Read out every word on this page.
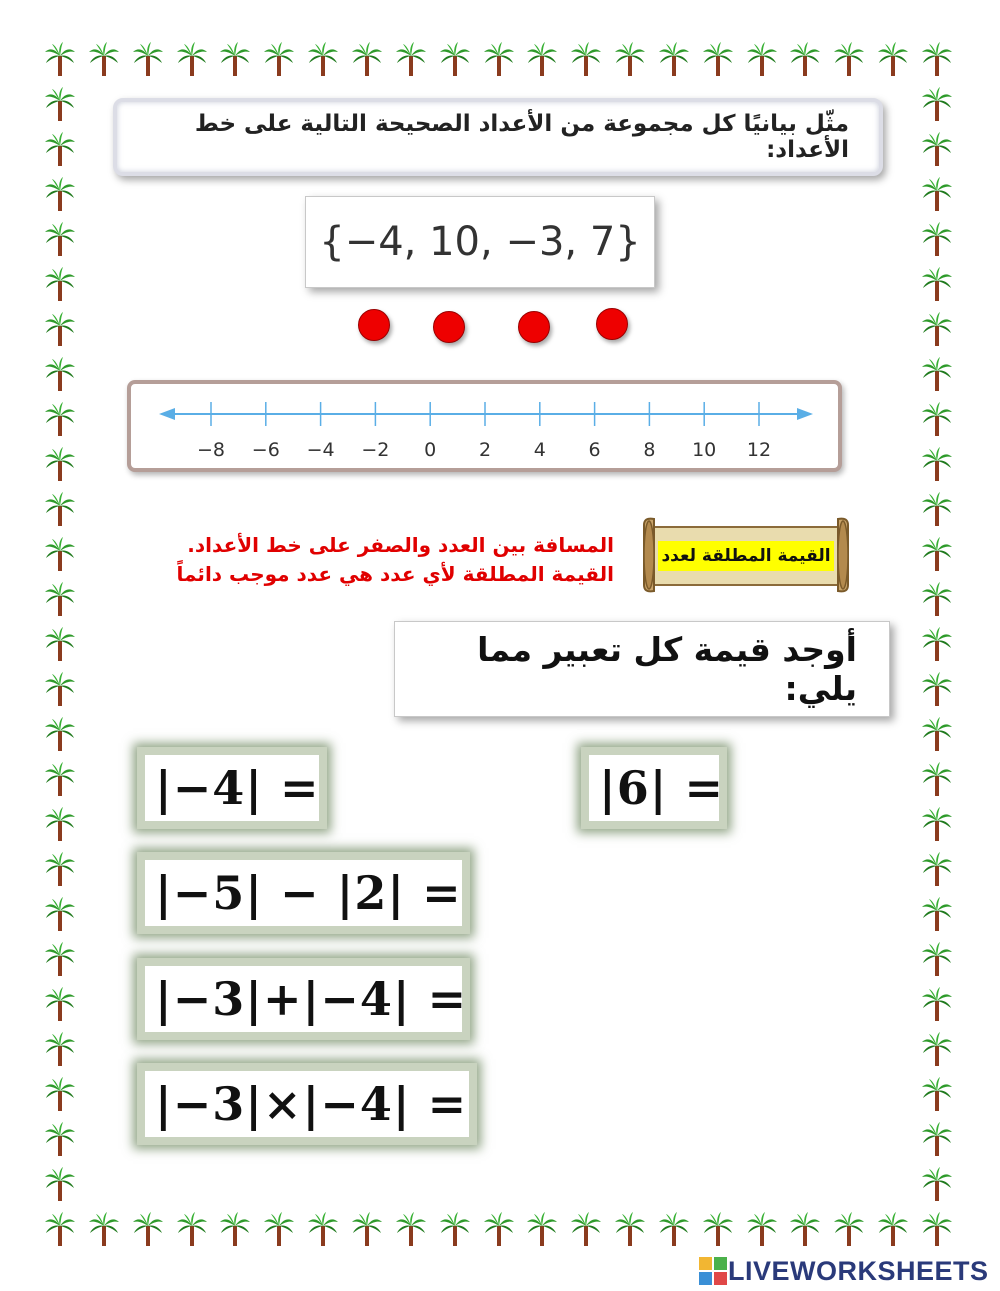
مثّل بيانيًا كل مجموعة من الأعداد الصحيحة التالية على خط الأعداد:
{−4, 10, −3, 7}
−8 −6 −4 −2 0 2 4 6 8 10 12
القيمة المطلقة لعدد
المسافة بين العدد والصفر على خط الأعداد.
القيمة المطلقة لأي عدد هي عدد موجب دائماً
أوجد قيمة كل تعبير مما يلي:
|−4| =	|6| =
|−5| − |2| =
|−3|+|−4| =
|−3|×|−4| =
LIVEWORKSHEETS
